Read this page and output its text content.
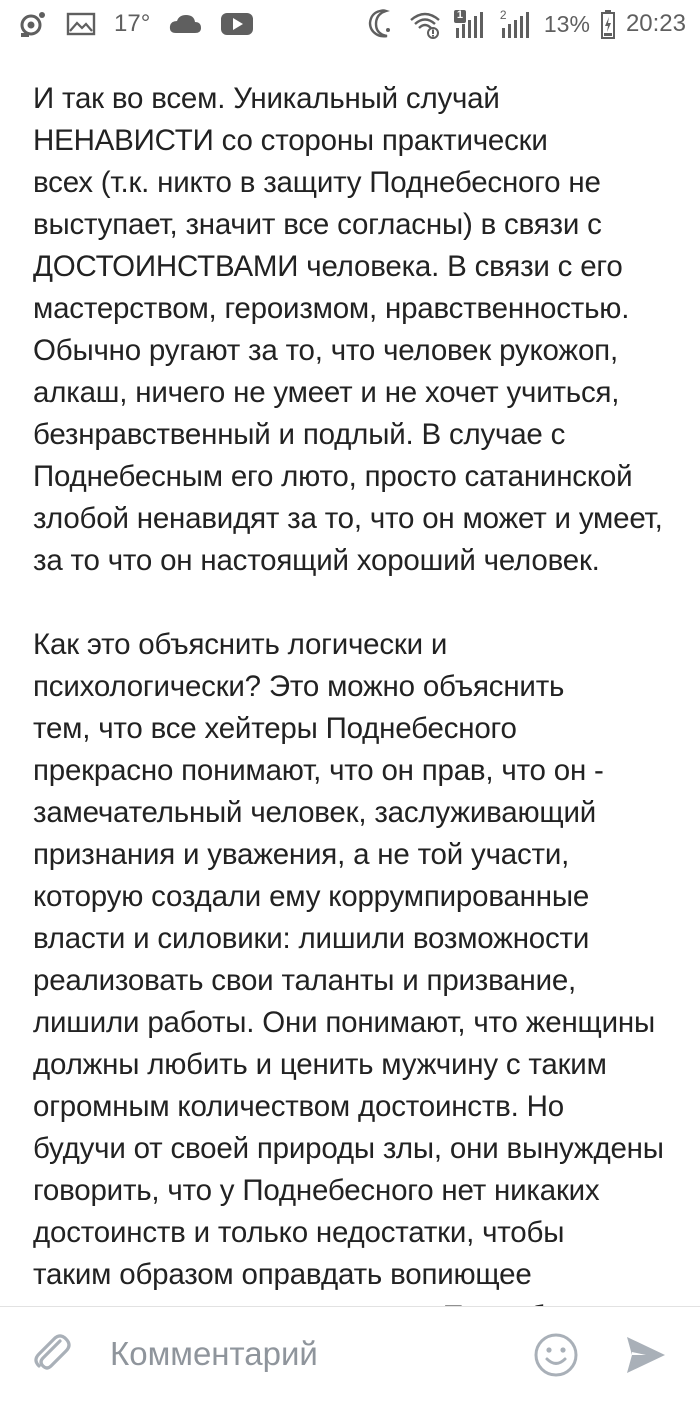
17°	1	2 13% 20:23

И так во всем. Уникальный случай
НЕНАВИСТИ со стороны практически
всех (т.к. никто в защиту Поднебесного не
выступает, значит все согласны) в связи с
ДОСТОИНСТВАМИ человека. В связи с его
мастерством, героизмом, нравственностью.
Обычно ругают за то, что человек рукожоп,
алкаш, ничего не умеет и не хочет учиться,
безнравственный и подлый. В случае с
Поднебесным его люто, просто сатанинской
злобой ненавидят за то, что он может и умеет,
за то что он настоящий хороший человек.

Как это объяснить логически и
психологически? Это можно объяснить
тем, что все хейтеры Поднебесного
прекрасно понимают, что он прав, что он -
замечательный человек, заслуживающий
признания и уважения, а не той участи,
которую создали ему коррумпированные
власти и силовики: лишили возможности
реализовать свои таланты и призвание,
лишили работы. Они понимают, что женщины
должны любить и ценить мужчину с таким
огромным количеством достоинств. Но
будучи от своей природы злы, они вынуждены
говорить, что у Поднебесного нет никаких
достоинств и только недостатки, чтобы
таким образом оправдать вопиющее

Комментарий
